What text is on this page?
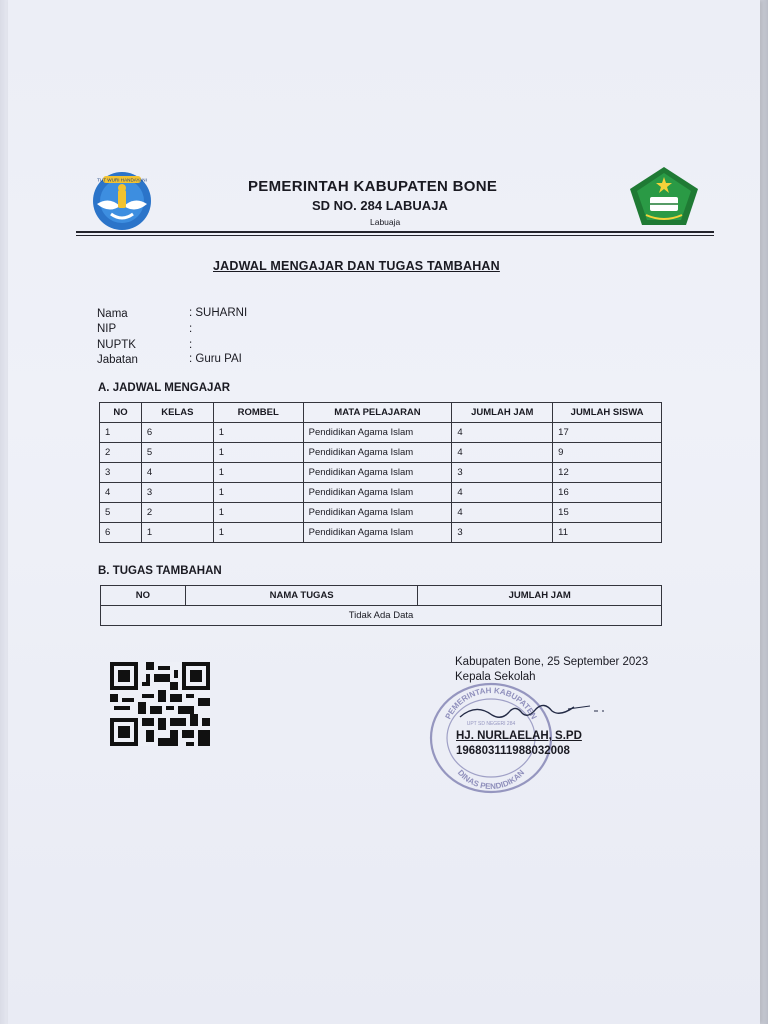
TUT WURI HANDAYANI	PEMERINTAH KABUPATEN BONE
SD NO. 284 LABUAJA
Labuaja
JADWAL MENGAJAR DAN TUGAS TAMBAHAN
Nama	: SUHARNI
NIP	:
NUPTK	:
Jabatan	: Guru PAI
A. JADWAL MENGAJAR
NO	KELAS	ROMBEL	MATA PELAJARAN	JUMLAH JAM	JUMLAH SISWA
1	6	1	Pendidikan Agama Islam	4	17
2	5	1	Pendidikan Agama Islam	4	9
3	4	1	Pendidikan Agama Islam	3	12
4	3	1	Pendidikan Agama Islam	4	16
5	2	1	Pendidikan Agama Islam	4	15
6	1	1	Pendidikan Agama Islam	3	11
B. TUGAS TAMBAHAN
NO	NAMA TUGAS	JUMLAH JAM
Tidak Ada Data
Kabupaten Bone, 25 September 2023
Kepala Sekolah
PEMERINTAH KABUPATEN
UPT SD NEGERI 284
DINAS PENDIDIKAN
HJ. NURLAELAH, S.PD
196803111988032008
